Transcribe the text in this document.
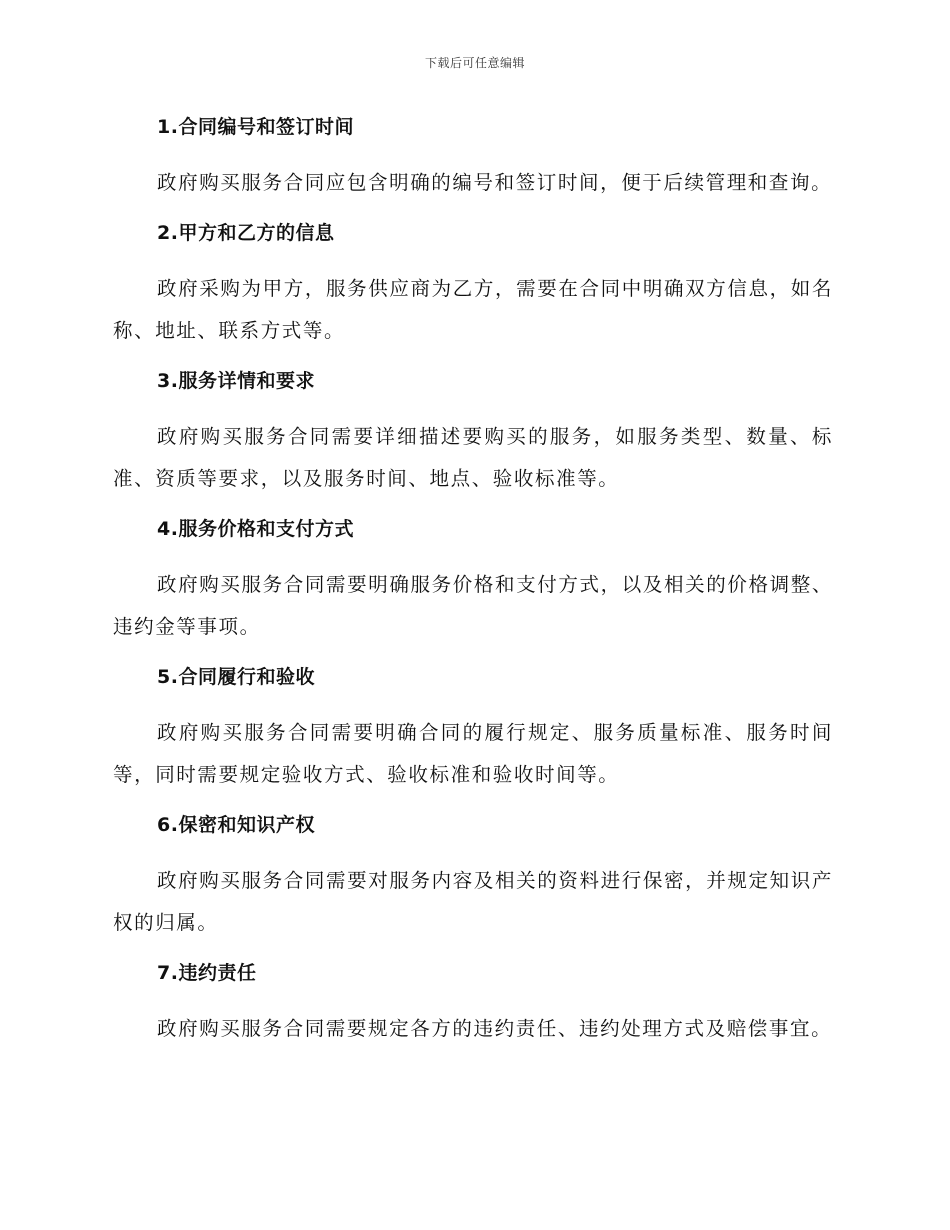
下载后可任意编辑
1.合同编号和签订时间

政府购买服务合同应包含明确的编号和签订时间，便于后续管理和查询。

2.甲方和乙方的信息

政府采购为甲方，服务供应商为乙方，需要在合同中明确双方信息，如名称、地址、联系方式等。

3.服务详情和要求

政府购买服务合同需要详细描述要购买的服务，如服务类型、数量、标准、资质等要求，以及服务时间、地点、验收标准等。

4.服务价格和支付方式

政府购买服务合同需要明确服务价格和支付方式，以及相关的价格调整、违约金等事项。

5.合同履行和验收

政府购买服务合同需要明确合同的履行规定、服务质量标准、服务时间等，同时需要规定验收方式、验收标准和验收时间等。

6.保密和知识产权

政府购买服务合同需要对服务内容及相关的资料进行保密，并规定知识产权的归属。

7.违约责任

政府购买服务合同需要规定各方的违约责任、违约处理方式及赔偿事宜。
